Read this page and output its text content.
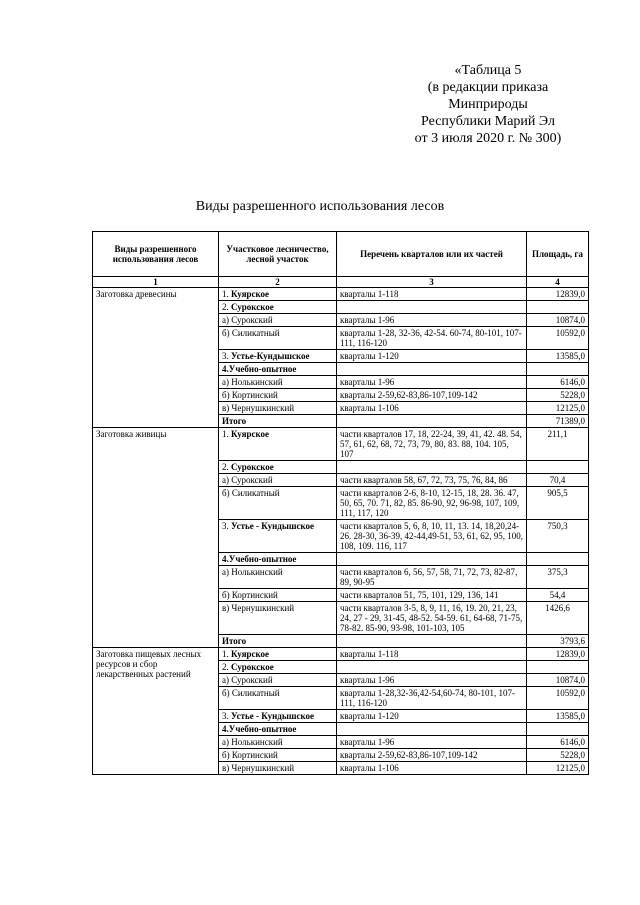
«Таблица 5
(в редакции приказа
Минприроды
Республики Марий Эл
от 3 июля 2020 г. № 300)
Виды разрешенного использования лесов
Виды разрешенного использования лесов	Участковое лесничество, лесной участок	Перечень кварталов или их частей	Площадь, га
1	2	3	4
Заготовка древесины	1. Куярское	кварталы 1-118	12839,0
	2. Сурокское		
	а) Сурокский	кварталы 1-96	10874,0
	б) Силикатный	кварталы 1-28, 32-36, 42-54. 60-74, 80-101, 107-111, 116-120	10592,0
	3. Устье-Кундышское	кварталы 1-120	13585,0
	4.Учебно-опытное		
	а) Нолькинский	кварталы 1-96	6146,0
	б) Кортинский	кварталы 2-59,62-83,86-107,109-142	5228,0
	в) Чернушкинский	кварталы 1-106	12125,0
	Итого		71389,0
Заготовка живицы	1. Куярское	части кварталов 17, 18, 22-24, 39, 41, 42. 48. 54, 57, 61, 62, 68, 72, 73, 79, 80, 83. 88, 104. 105, 107	211,1
	2. Сурокское		
	а) Сурокский	части кварталов 58, 67, 72, 73, 75, 76, 84, 86	70,4
	б) Силикатный	части кварталов 2-6, 8-10, 12-15, 18, 28. 36. 47, 50, 65, 70. 71, 82, 85. 86-90, 92, 96-98, 107, 109, 111, 117, 120	905,5
	3. Устье - Кундышское	части кварталов 5, 6, 8, 10, 11, 13. 14, 18,20,24-26. 28-30, 36-39, 42-44,49-51, 53, 61, 62, 95, 100, 108, 109. 116, 117	750,3
	4.Учебно-опытное		
	а) Нолькинский	части кварталов 6, 56, 57, 58, 71, 72, 73, 82-87, 89, 90-95	375,3
	б) Кортинский	части кварталов 51, 75, 101, 129, 136, 141	54,4
	в) Чернушкинский	части кварталов 3-5, 8, 9, 11, 16, 19. 20, 21, 23, 24, 27 - 29, 31-45, 48-52. 54-59. 61, 64-68, 71-75, 78-82. 85-90, 93-98, 101-103, 105	1426,6
	Итого		3793,6
Заготовка пищевых лесных ресурсов и сбор лекарственных растений	1. Куярское	кварталы 1-118	12839,0
	2. Сурокское		
	а) Сурокский	кварталы 1-96	10874,0
	б) Силикатный	кварталы 1-28,32-36,42-54,60-74, 80-101, 107-111, 116-120	10592,0
	3. Устье - Кундышское	кварталы 1-120	13585,0
	4.Учебно-опытное		
	а) Нолькинский	кварталы 1-96	6146,0
	б) Кортинский	кварталы 2-59,62-83,86-107,109-142	5228,0
	в) Чернушкинский	кварталы 1-106	12125,0
